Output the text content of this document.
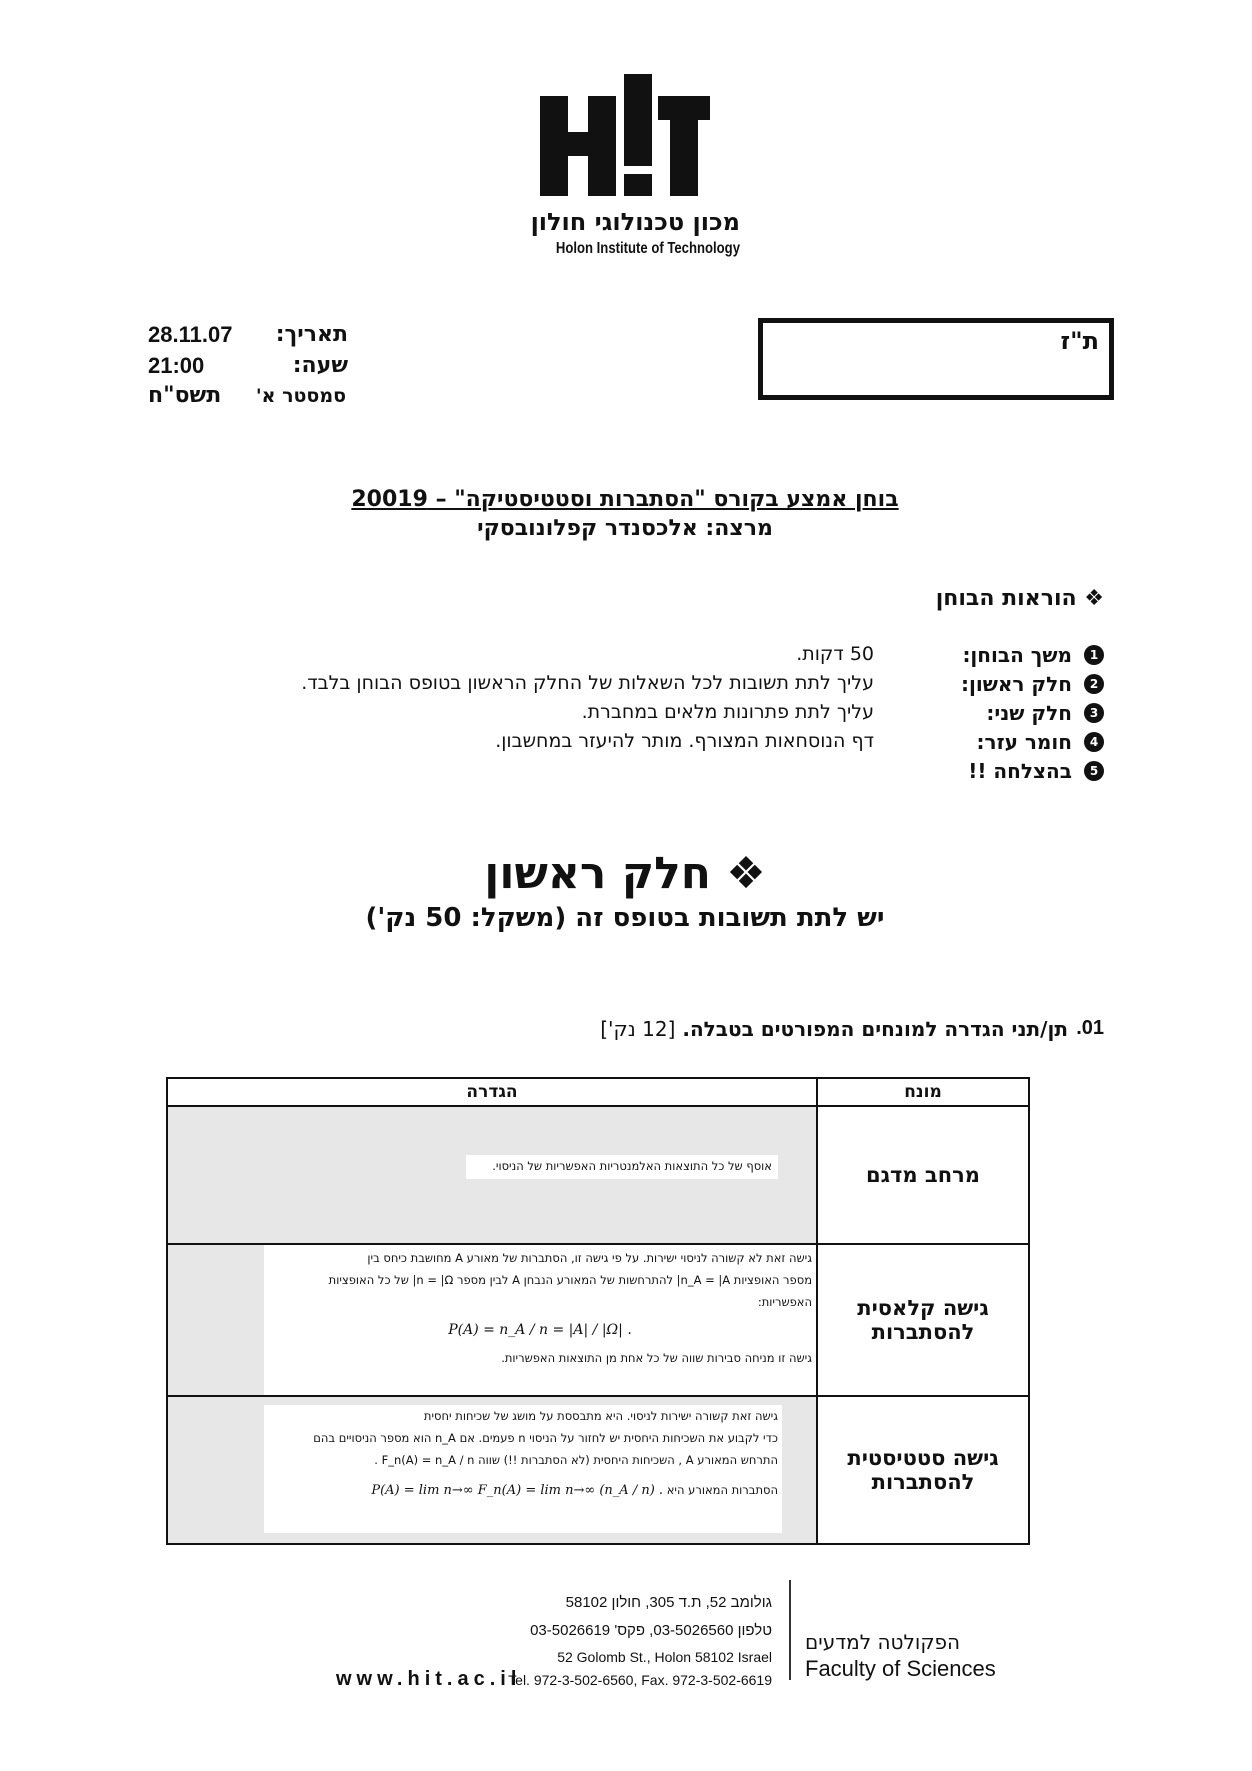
מכון טכנולוגי חולון
Holon Institute of Technology
תאריך:
28.11.07
שעה:
21:00
סמסטר א'
תשס"ח
ת"ז
בוחן אמצע בקורס "הסתברות וסטטיסטיקה" – 20019
מרצה: אלכסנדר קפלונובסקי
❖ הוראות הבוחן
1
משך הבוחן:
50 דקות.
2
חלק ראשון:
עליך לתת תשובות לכל השאלות של החלק הראשון בטופס הבוחן בלבד.
3
חלק שני:
עליך לתת פתרונות מלאים במחברת.
4
חומר עזר:
דף הנוסחאות המצורף. מותר להיעזר במחשבון.
5
בהצלחה !!
❖ חלק ראשון
יש לתת תשובות בטופס זה (משקל: 50 נק')
.01
תן/תני הגדרה למונחים המפורטים בטבלה. [12 נק']
הגדרה	מונח

אוסף של כל התוצאות האלמנטריות האפשריות של הניסוי.	מרחב מדגם

גישה זאת לא קשורה לניסוי ישירות. על פי גישה זו, הסתברות של מאורע A מחושבת כיחס בין
מספר האופציות n_A = |A| להתרחשות של המאורע הנבחן A לבין מספר n = |Ω| של כל האופציות
האפשריות:
P(A) = n_A / n = |A| / |Ω| .
גישה זו מניחה סבירות שווה של כל אחת מן התוצאות האפשריות.	גישה קלאסית להסתברות

גישה זאת קשורה ישירות לניסוי. היא מתבססת על מושג של שכיחות יחסית
כדי לקבוע את השכיחות היחסית יש לחזור על הניסוי n פעמים. אם n_A הוא מספר הניסויים בהם
התרחש המאורע A , השכיחות היחסית (לא הסתברות !!) שווה F_n(A) = n_A / n .
הסתברות המאורע היא P(A) = lim n→∞ F_n(A) = lim n→∞ (n_A / n) .	גישה סטטיסטית להסתברות
גולומב 52, ת.ד 305, חולון 58102
טלפון 03-5026560, פקס' 03-5026619
52 Golomb St., Holon 58102 Israel
Tel. 972-3-502-6560, Fax. 972-3-502-6619
www.hit.ac.il
הפקולטה למדעים
Faculty of Sciences
